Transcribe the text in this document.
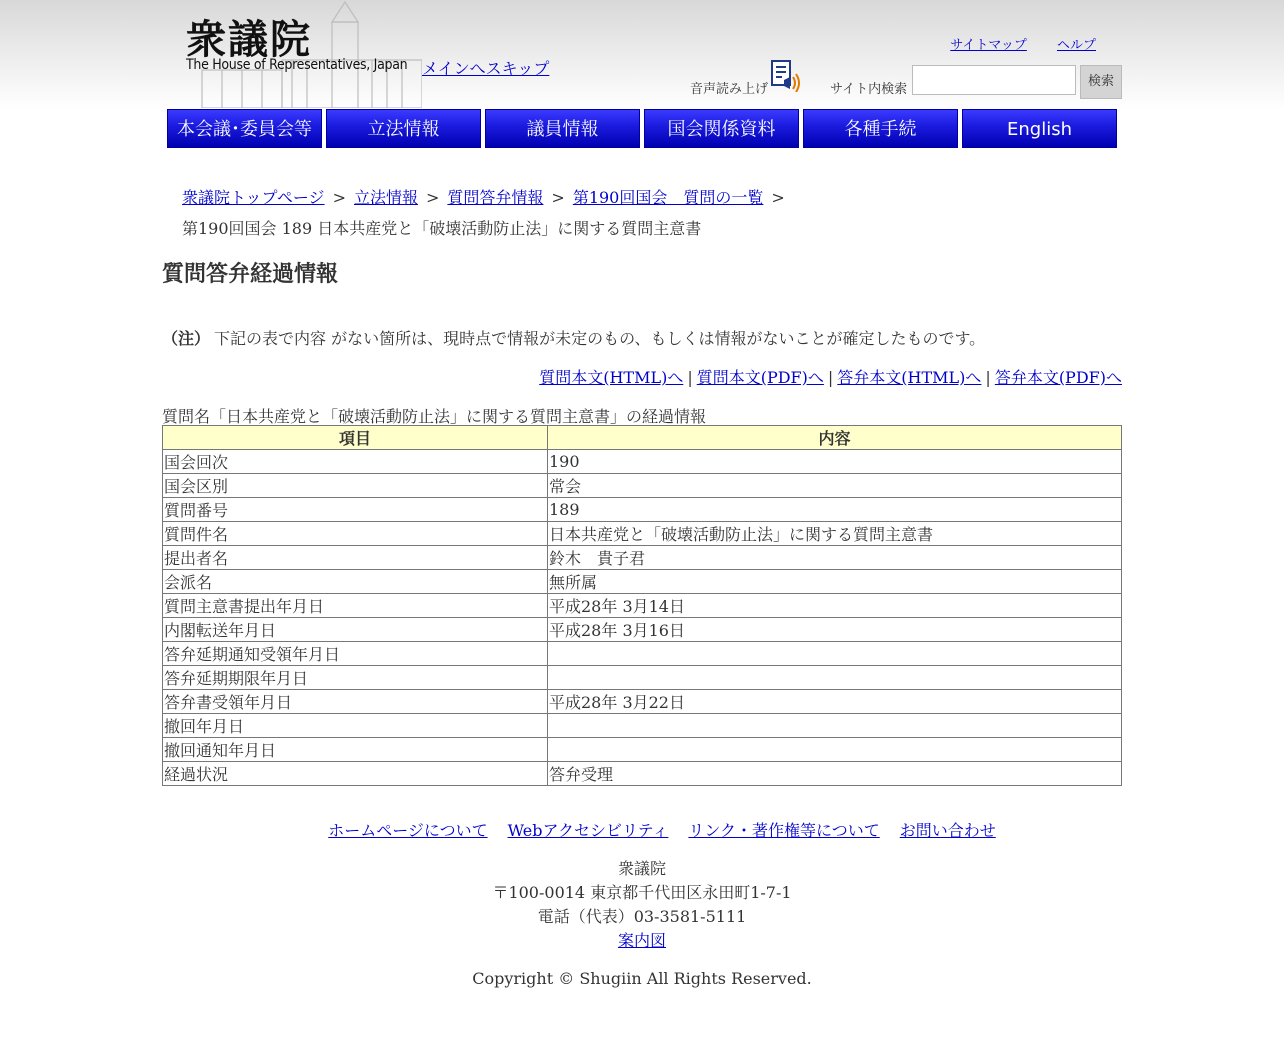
衆議院
The House of Representatives, Japan メインへスキップ
サイトマップ ヘルプ
音声読み上げ	サイト内検索
検索
本会議･委員会等	立法情報	議員情報	国会関係資料	各種手続	English
衆議院トップページ > 立法情報 > 質問答弁情報 > 第190回国会　質問の一覧 >
第190回国会 189 日本共産党と「破壊活動防止法」に関する質問主意書
質問答弁経過情報
（注） 下記の表で内容 がない箇所は、現時点で情報が未定のもの、もしくは情報がないことが確定したものです。
質問本文(HTML)へ | 質問本文(PDF)へ | 答弁本文(HTML)へ | 答弁本文(PDF)へ
質問名「日本共産党と「破壊活動防止法」に関する質問主意書」の経過情報
項目	内容
国会回次	190
国会区別	常会
質問番号	189
質問件名	日本共産党と「破壊活動防止法」に関する質問主意書
提出者名	鈴木　貴子君
会派名	無所属
質問主意書提出年月日	平成28年 3月14日
内閣転送年月日	平成28年 3月16日
答弁延期通知受領年月日	
答弁延期期限年月日	
答弁書受領年月日	平成28年 3月22日
撤回年月日	
撤回通知年月日	
経過状況	答弁受理
ホームページについて Webアクセシビリティ リンク・著作権等について お問い合わせ
衆議院
〒100-0014 東京都千代田区永田町1-7-1
電話（代表）03-3581-5111
案内図
Copyright © Shugiin All Rights Reserved.
